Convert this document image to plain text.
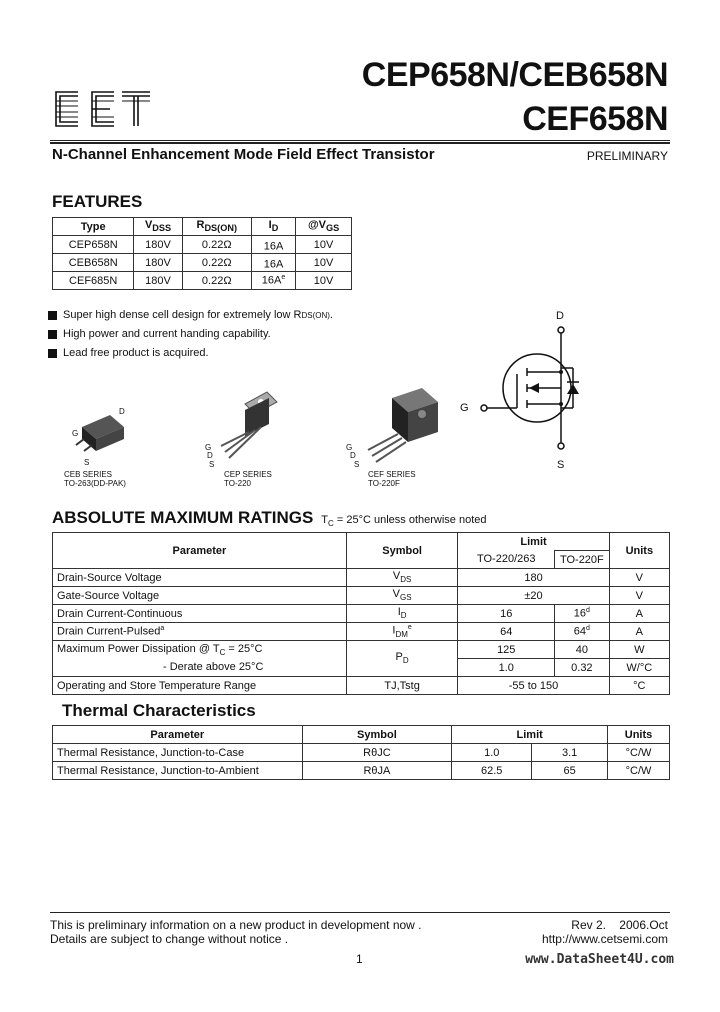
CEP658N/CEB658N
CEF658N
N-Channel Enhancement Mode Field Effect Transistor	PRELIMINARY
FEATURES
Type	$V_{DSS}$	$R_{DS(ON)}$	$I_D$	$@V_{GS}$
CEP658N	180V	0.22Ω	16A	10V
CEB658N	180V	0.22Ω	16A	10V
CEF685N	180V	0.22Ω	$16A^e$	10V
Super high dense cell design for extremely low R DS(ON) .
High power and current handing capability.
Lead free product is acquired.
D
G
S
CEB SERIES
TO-263(DD-PAK)
G
D
S
CEP SERIES
TO-220
G
D
S
CEF SERIES
TO-220F
D
G
S
ABSOLUTE MAXIMUM RATINGS $T_C = 25^\circ C$ unless otherwise noted
Parameter	Symbol	Limit		Units
		TO-220/263	TO-220F	
Drain-Source Voltage	$V_{DS}$	180		V
Gate-Source Voltage	$V_{GS}$	±20		V
Drain Current-Continuous	$I_D$	16	16$^d$	A
Drain Current-Pulsed$^a$	$I_{DM}^e$	64	64$^d$	A
Maximum Power Dissipation @ $T_C = 25^\circ C$	$P_D$	125	40	W
- Derate above 25°C		1.0	0.32	W/°C
Operating and Store Temperature Range	TJ,Tstg	-55 to 150		°C
Thermal Characteristics
Parameter	Symbol	Limit		Units
Thermal Resistance, Junction-to-Case	RθJC	1.0	3.1	°C/W
Thermal Resistance, Junction-to-Ambient	RθJA	62.5	65	°C/W
This is preliminary information on a new product in development now .
Details are subject to change without notice .
Rev 2.    2006.Oct
http://www.cetsemi.com
1	www.DataSheet4U.com
